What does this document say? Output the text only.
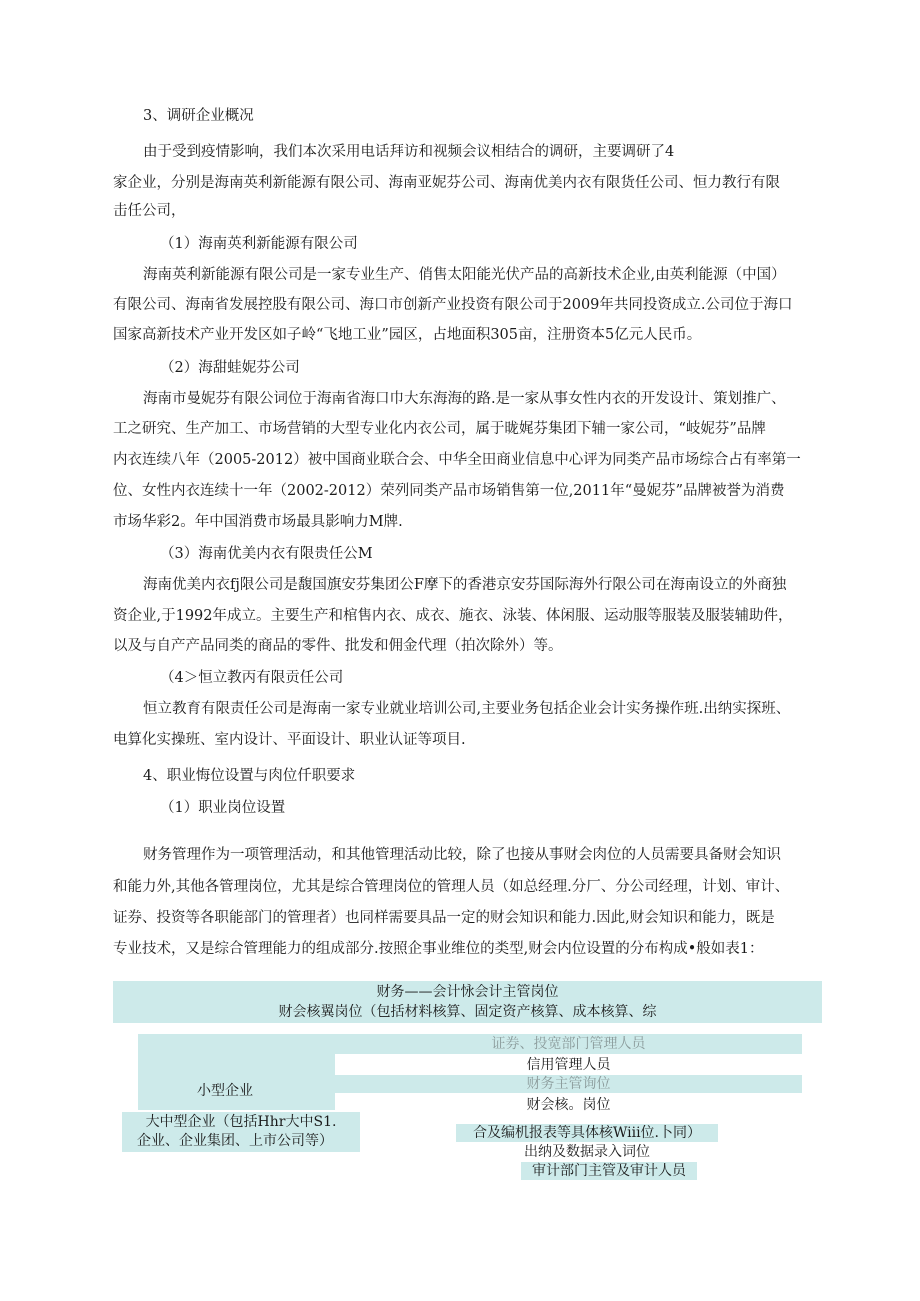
3、调研企业概况
由于受到疫情影响，我们本次采用电话拜访和视频会议相结合的调研，主要调研了4
家企业，分别是海南英利新能源有限公司、海南亚妮芬公司、海南优美内衣有限货任公司、恒力教行有限
击任公司，
（1）海南英利新能源有限公司
海南英利新能源有限公司是一家专业生产、俏售太阳能光伏产品的高新技术企业,由英利能源（中国）
有限公司、海南省发展控股有限公司、海口市创新产业投资有限公司于2009年共同投资成立.公司位于海口
国家高新技术产业开发区如子岭“飞地工业”园区，占地面积305亩，注册资本5亿元人民币。
（2）海甜蛙妮芬公司
海南市曼妮芬有限公词位于海南省海口巾大东海海的路.是一家从事女性内衣的开发设计、策划推广、
工之研究、生产加工、市场营销的大型专业化内衣公司，属于昽娓芬集团下辅一家公司，“岐妮芬”品牌
内衣连续八年（2005-2012）被中国商业联合会、中华全田商业信息中心评为同类产品市场综合占有率第一
位、女性内衣连续十一年（2002-2012）荣列同类产品市场销售第一位,2011年“曼妮芬”品牌被誉为消费
市场华彩2。年中国消费市场最具影响力M牌.
（3）海南优美内衣有限贵任公M
海南优美内衣fj限公司是馥国旗安芬集团公F摩下的香港京安芬国际海外行限公司在海南设立的外商独
资企业,于1992年成立。主要生产和棺售内衣、成衣、施衣、泳装、体闲服、运动服等服装及服装辅助件，
以及与自产产品同类的商品的零件、批发和佣金代理（拍次除外）等。
（4＞恒立教丙有限贡任公司
恒立教育有限责任公司是海南一家专业就业培训公司,主要业务包括企业会计实务操作班.出纳实探班、
电算化实操班、室内设计、平面设计、职业认证等项目.
4、职业悔位设置与肉位仟职要求
（1）职业岗位设置
财务管理作为一项管理活动，和其他管理活动比较，除了也接从事财会肉位的人员需要具备财会知识
和能力外,其他各管理岗位，尤其是综合管理岗位的管理人员（如总经理.分厂、分公司经理，计划、审计、
证券、投资等各职能部门的管理者）也同样需要具品一定的财会知识和能力.因此,财会知识和能力，既是
专业技术，又是综合管理能力的组成部分.按照企事业维位的类型,财会内位设置的分布构成•般如表1：
财务——会计怺会计主管岗位
财会核翼岗位（包括材料核算、固定资产核算、成本核算、综
小型企业
证券、投宽部门管理人员
信用管理人员
财务主管询位
财会核。岗位
大中型企业（包括Hhr大中S1.
企业、企业集团、上市公司等）	合及编机报表等具体核Wiii位.卜同）
出纳及数据录入词位
审计部门主管及审计人员
